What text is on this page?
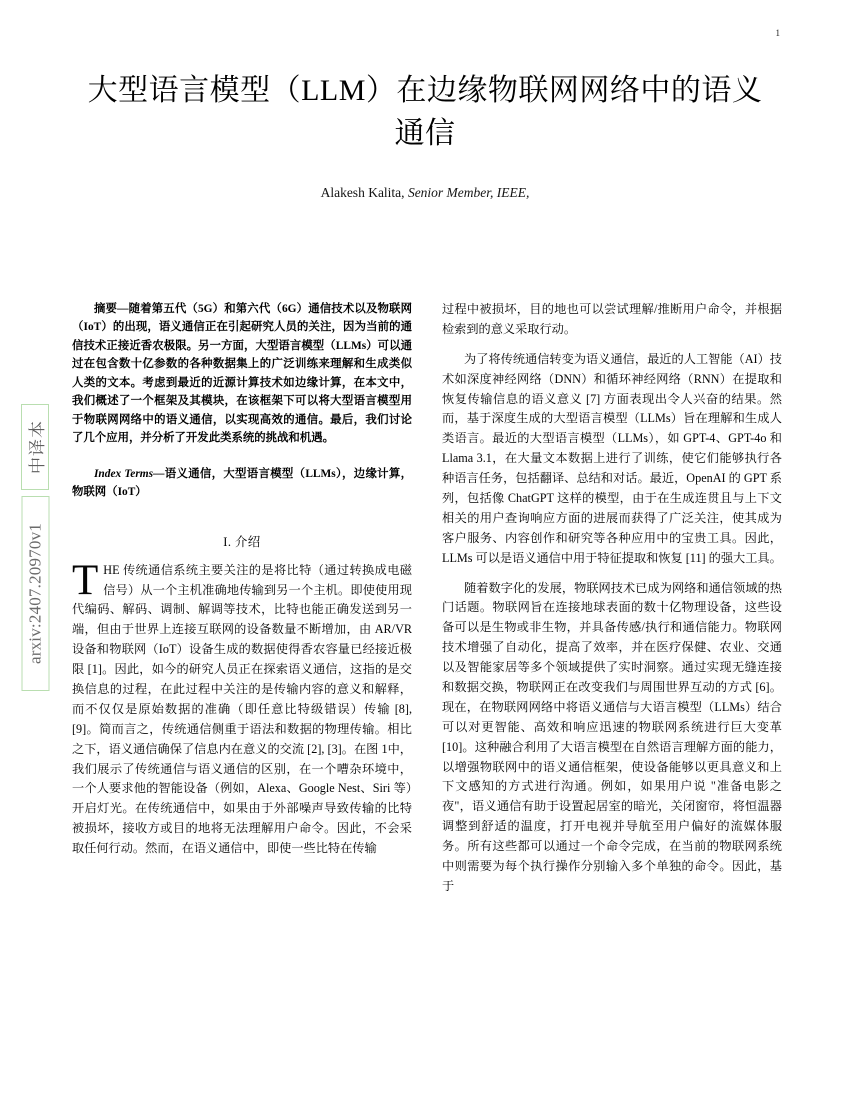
1
中译本
arxiv:2407.20970v1
大型语言模型（LLM）在边缘物联网网络中的语义通信
Alakesh Kalita, Senior Member, IEEE,

摘要—随着第五代（5G）和第六代（6G）通信技术以及物联网（IoT）的出现，语义通信正在引起研究人员的关注，因为当前的通信技术正接近香农极限。另一方面，大型语言模型（LLMs）可以通过在包含数十亿参数的各种数据集上的广泛训练来理解和生成类似人类的文本。考虑到最近的近源计算技术如边缘计算，在本文中，我们概述了一个框架及其模块，在该框架下可以将大型语言模型用于物联网网络中的语义通信，以实现高效的通信。最后，我们讨论了几个应用，并分析了开发此类系统的挑战和机遇。

Index Terms—语义通信，大型语言模型（LLMs），边缘计算，物联网（IoT）

I. 介绍

THE 传统通信系统主要关注的是将比特（通过转换成电磁信号）从一个主机准确地传输到另一个主机。即使使用现代编码、解码、调制、解调等技术，比特也能正确发送到另一端，但由于世界上连接互联网的设备数量不断增加，由 AR/VR 设备和物联网（IoT）设备生成的数据使得香农容量已经接近极限 [1]。因此，如今的研究人员正在探索语义通信，这指的是交换信息的过程，在此过程中关注的是传输内容的意义和解释，而不仅仅是原始数据的准确（即任意比特级错误）传输 [8], [9]。简而言之，传统通信侧重于语法和数据的物理传输。相比之下，语义通信确保了信息内在意义的交流 [2], [3]。在图 1中，我们展示了传统通信与语义通信的区别，在一个嘈杂环境中，一个人要求他的智能设备（例如，Alexa、Google Nest、Siri 等）开启灯光。在传统通信中，如果由于外部噪声导致传输的比特被损坏，接收方或目的地将无法理解用户命令。因此，不会采取任何行动。然而，在语义通信中，即使一些比特在传输

过程中被损坏，目的地也可以尝试理解/推断用户命令，并根据检索到的意义采取行动。

为了将传统通信转变为语义通信，最近的人工智能（AI）技术如深度神经网络（DNN）和循环神经网络（RNN）在提取和恢复传输信息的语义意义 [7] 方面表现出令人兴奋的结果。然而，基于深度生成的大型语言模型（LLMs）旨在理解和生成人类语言。最近的大型语言模型（LLMs），如 GPT-4、GPT-4o 和 Llama 3.1，在大量文本数据上进行了训练，使它们能够执行各种语言任务，包括翻译、总结和对话。最近，OpenAI 的 GPT 系列，包括像 ChatGPT 这样的模型，由于在生成连贯且与上下文相关的用户查询响应方面的进展而获得了广泛关注，使其成为客户服务、内容创作和研究等各种应用中的宝贵工具。因此，LLMs 可以是语义通信中用于特征提取和恢复 [11] 的强大工具。

随着数字化的发展，物联网技术已成为网络和通信领域的热门话题。物联网旨在连接地球表面的数十亿物理设备，这些设备可以是生物或非生物，并具备传感/执行和通信能力。物联网技术增强了自动化，提高了效率，并在医疗保健、农业、交通以及智能家居等多个领域提供了实时洞察。通过实现无缝连接和数据交换，物联网正在改变我们与周围世界互动的方式 [6]。现在，在物联网网络中将语义通信与大语言模型（LLMs）结合可以对更智能、高效和响应迅速的物联网系统进行巨大变革 [10]。这种融合利用了大语言模型在自然语言理解方面的能力，以增强物联网中的语义通信框架，使设备能够以更具意义和上下文感知的方式进行沟通。例如，如果用户说 "准备电影之夜"，语义通信有助于设置起居室的暗光，关闭窗帘，将恒温器调整到舒适的温度，打开电视并导航至用户偏好的流媒体服务。所有这些都可以通过一个命令完成，在当前的物联网系统中则需要为每个执行操作分别输入多个单独的命令。因此，基于
